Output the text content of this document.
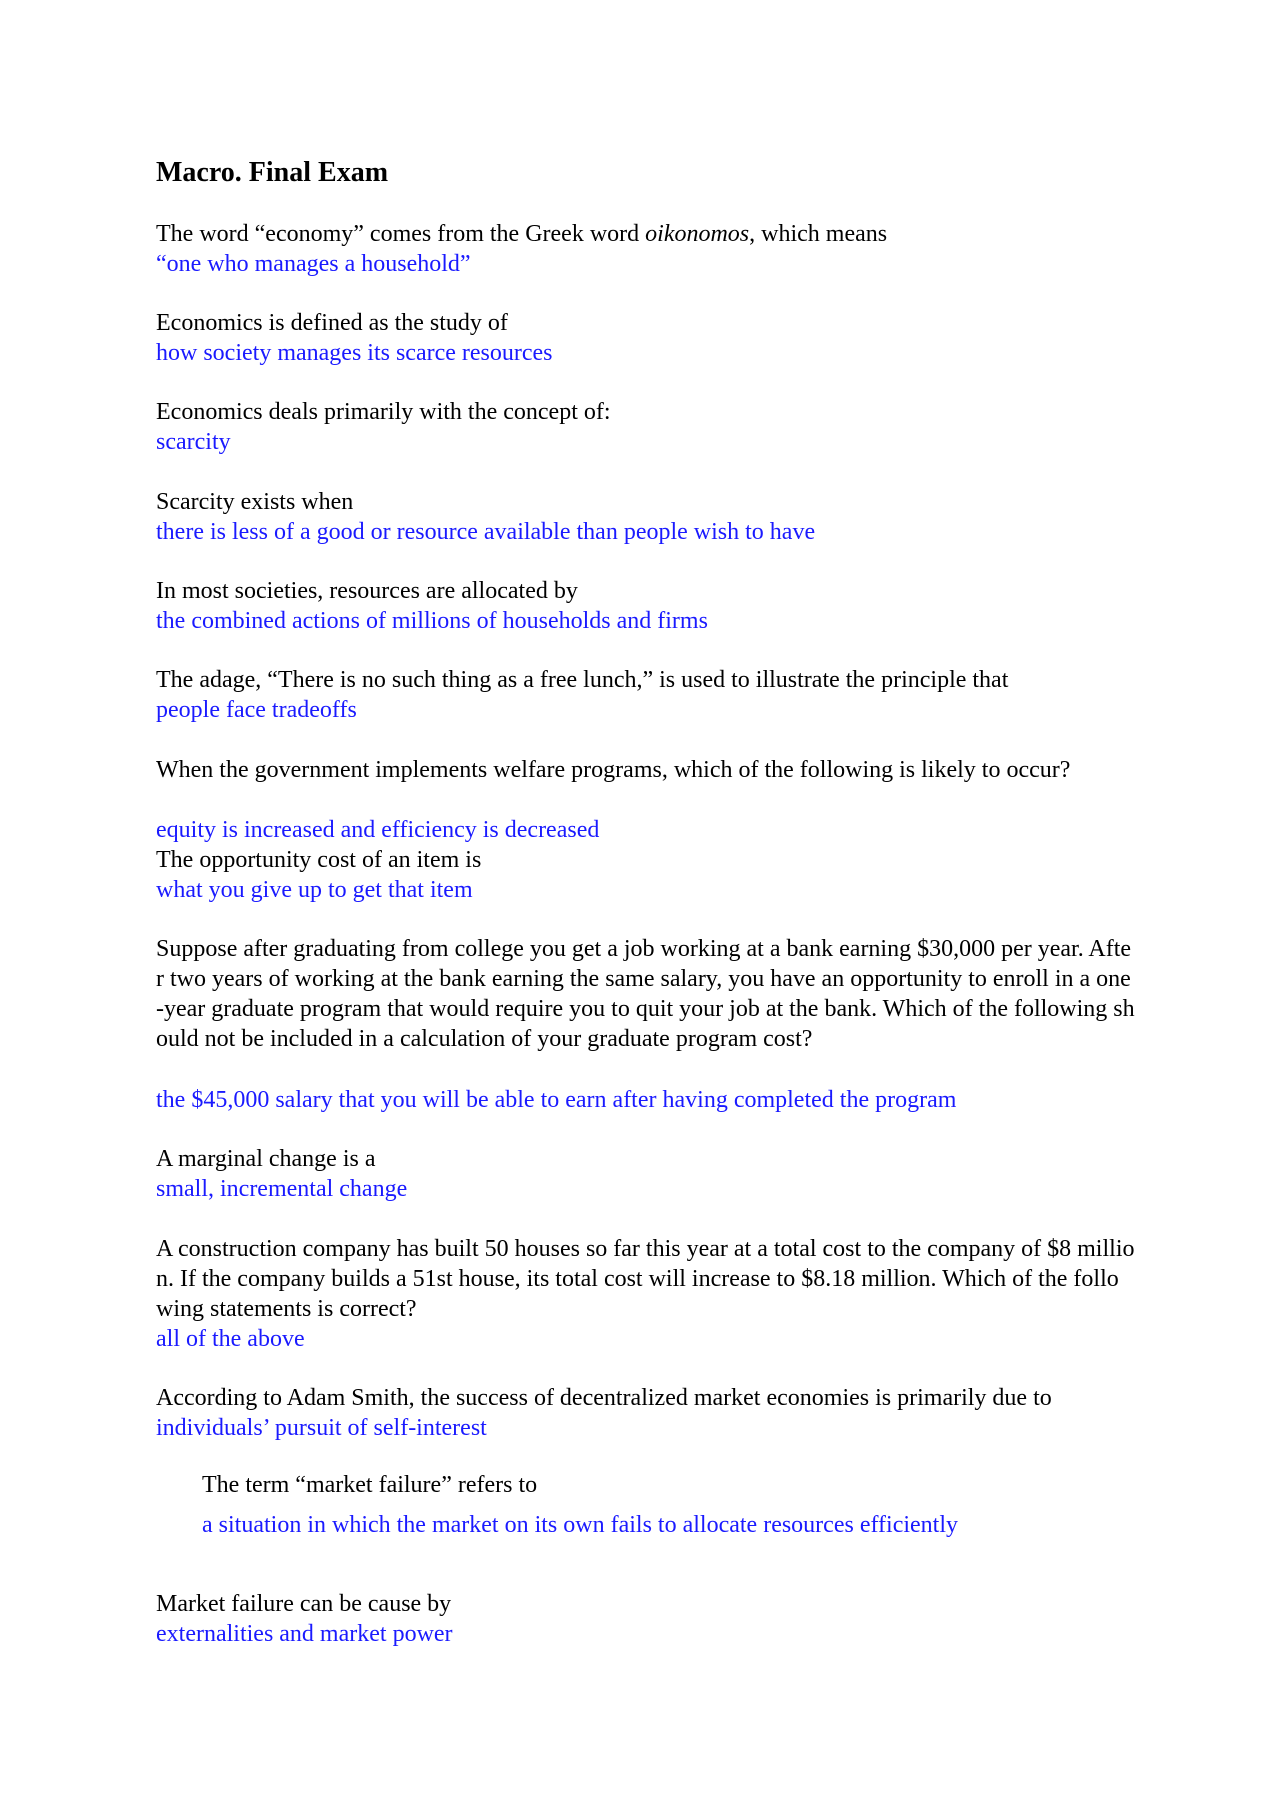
Macro. Final Exam
The word “economy” comes from the Greek word oikonomos, which means
“one who manages a household”
Economics is defined as the study of
how society manages its scarce resources
Economics deals primarily with the concept of:
scarcity
Scarcity exists when
there is less of a good or resource available than people wish to have
In most societies, resources are allocated by
the combined actions of millions of households and firms
The adage, “There is no such thing as a free lunch,” is used to illustrate the principle that
people face tradeoffs
When the government implements welfare programs, which of the following is likely to occur?
equity is increased and efficiency is decreased
The opportunity cost of an item is
what you give up to get that item
Suppose after graduating from college you get a job working at a bank earning $30,000 per year. After two years of working at the bank earning the same salary, you have an opportunity to enroll in a one-year graduate program that would require you to quit your job at the bank. Which of the following should not be included in a calculation of your graduate program cost?
the $45,000 salary that you will be able to earn after having completed the program
A marginal change is a
small, incremental change
A construction company has built 50 houses so far this year at a total cost to the company of $8 million. If the company builds a 51st house, its total cost will increase to $8.18 million. Which of the following statements is correct?
all of the above
According to Adam Smith, the success of decentralized market economies is primarily due to
individuals’ pursuit of self-interest
The term “market failure” refers to
a situation in which the market on its own fails to allocate resources efficiently
Market failure can be cause by
externalities and market power
